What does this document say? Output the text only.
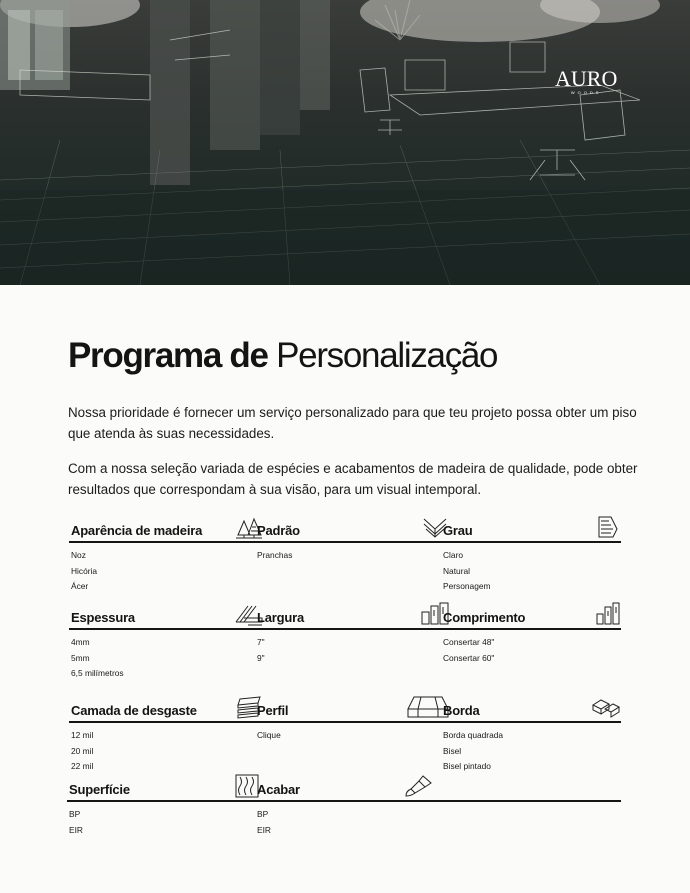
AURO
WOODS
Programa de Personalização

Nossa prioridade é fornecer um serviço personalizado para que teu projeto possa obter um piso que atenda às suas necessidades.

Com a nossa seleção variada de espécies e acabamentos de madeira de qualidade, pode obter resultados que correspondam à sua visão, para um visual intemporal.

Aparência de madeira
Noz
Hicória
Ácer
Padrão
Pranchas
Grau
Claro
Natural
Personagem
Espessura
4mm
5mm
6,5 milímetros
Largura
7"
9"
Comprimento
Consertar 48"
Consertar 60"
Camada de desgaste
12 mil
20 mil
22 mil
Perfil
Clique
Borda
Borda quadrada
Bisel
Bisel pintado
Superfície
BP
EIR
Acabar
BP
EIR
